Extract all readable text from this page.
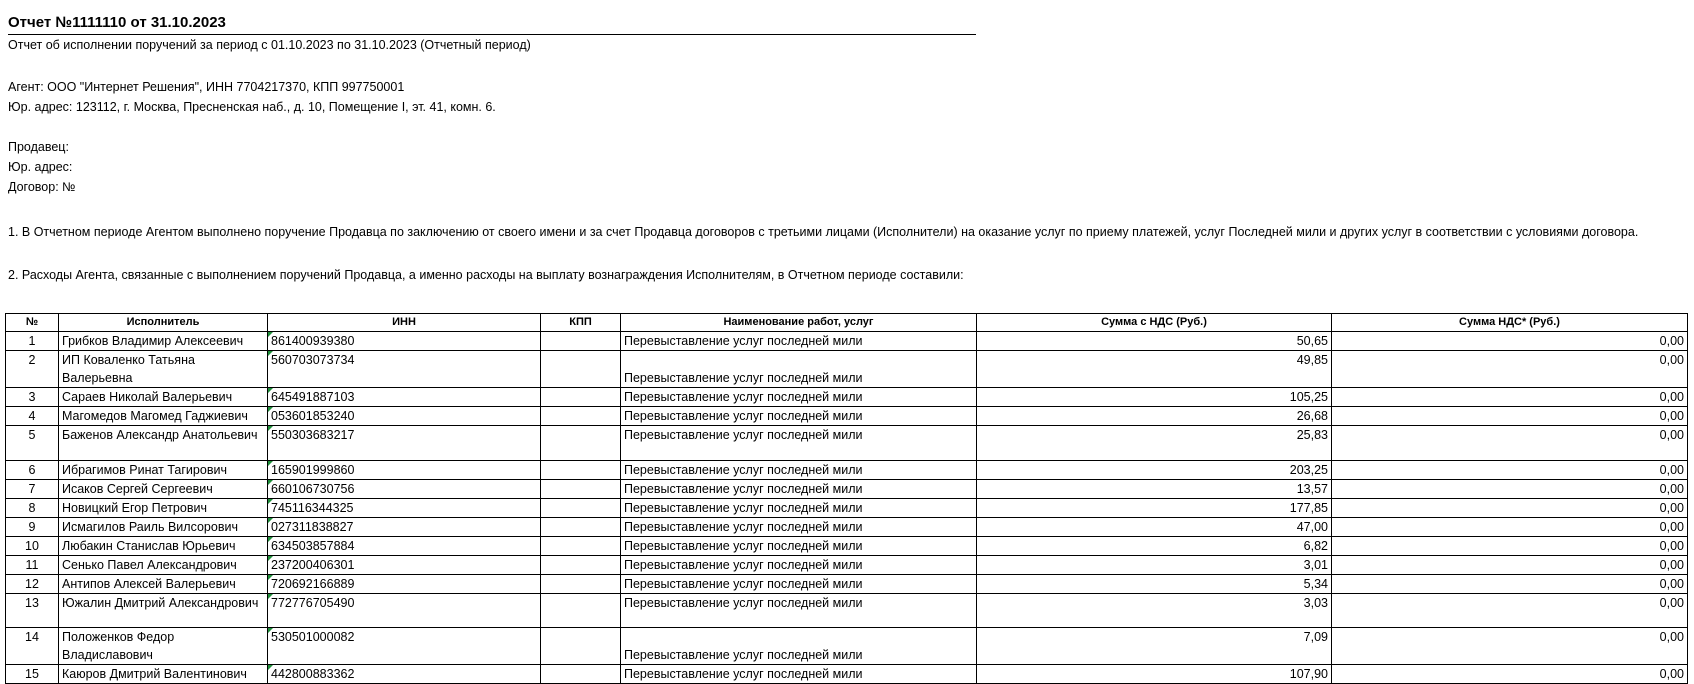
Отчет №1111110 от 31.10.2023
Отчет об исполнении поручений за период с 01.10.2023 по 31.10.2023 (Отчетный период)
Агент: ООО "Интернет Решения", ИНН 7704217370, КПП 997750001
Юр. адрес: 123112, г. Москва, Пресненская наб., д. 10, Помещение I, эт. 41, комн. 6.
Продавец:
Юр. адрес:
Договор: №
1. В Отчетном периоде Агентом выполнено поручение Продавца по заключению от своего имени и за счет Продавца договоров с третьими лицами (Исполнители) на оказание услуг по приему платежей, услуг Последней мили и других услуг в соответствии с условиями договора.
2. Расходы Агента, связанные с выполнением поручений Продавца, а именно расходы на выплату вознаграждения Исполнителям, в Отчетном периоде составили:
№	Исполнитель	ИНН	КПП	Наименование работ, услуг	Сумма с НДС (Руб.)	Сумма НДС* (Руб.)
1	Грибков Владимир Алексеевич	861400939380		Перевыставление услуг последней мили	50,65	0,00
2	ИП Коваленко Татьяна Валерьевна	560703073734		Перевыставление услуг последней мили	49,85	0,00
3	Сараев Николай Валерьевич	645491887103		Перевыставление услуг последней мили	105,25	0,00
4	Магомедов Магомед Гаджиевич	053601853240		Перевыставление услуг последней мили	26,68	0,00
5	Баженов Александр Анатольевич	550303683217		Перевыставление услуг последней мили	25,83	0,00
6	Ибрагимов Ринат Тагирович	165901999860		Перевыставление услуг последней мили	203,25	0,00
7	Исаков Сергей Сергеевич	660106730756		Перевыставление услуг последней мили	13,57	0,00
8	Новицкий Егор Петрович	745116344325		Перевыставление услуг последней мили	177,85	0,00
9	Исмагилов Раиль Вилсорович	027311838827		Перевыставление услуг последней мили	47,00	0,00
10	Любакин Станислав Юрьевич	634503857884		Перевыставление услуг последней мили	6,82	0,00
11	Сенько Павел Александрович	237200406301		Перевыставление услуг последней мили	3,01	0,00
12	Антипов Алексей Валерьевич	720692166889		Перевыставление услуг последней мили	5,34	0,00
13	Южалин Дмитрий Александрович	772776705490		Перевыставление услуг последней мили	3,03	0,00
14	Положенков Федор Владиславович	530501000082		Перевыставление услуг последней мили	7,09	0,00
15	Каюров Дмитрий Валентинович	442800883362		Перевыставление услуг последней мили	107,90	0,00
